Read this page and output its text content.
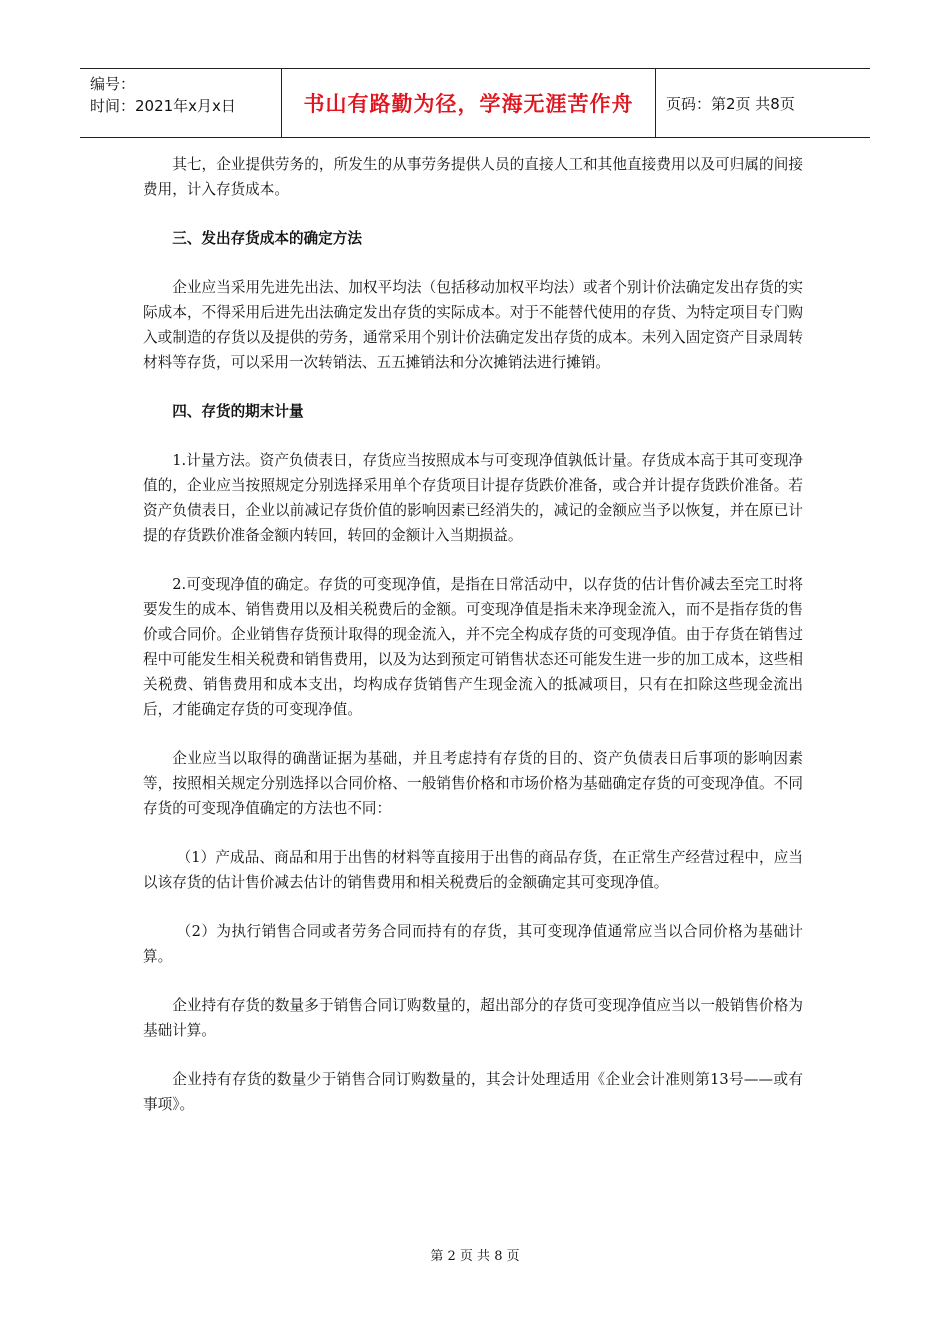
编号：
时间：2021年x月x日	书山有路勤为径，学海无涯苦作舟 页码：第2页 共8页

其七，企业提供劳务的，所发生的从事劳务提供人员的直接人工和其他直接费用以及可归属的间接费用，计入存货成本。

三、发出存货成本的确定方法

企业应当采用先进先出法、加权平均法（包括移动加权平均法）或者个别计价法确定发出存货的实际成本，不得采用后进先出法确定发出存货的实际成本。对于不能替代使用的存货、为特定项目专门购入或制造的存货以及提供的劳务，通常采用个别计价法确定发出存货的成本。未列入固定资产目录周转材料等存货，可以采用一次转销法、五五摊销法和分次摊销法进行摊销。

四、存货的期末计量

1.计量方法。资产负债表日，存货应当按照成本与可变现净值孰低计量。存货成本高于其可变现净值的，企业应当按照规定分别选择采用单个存货项目计提存货跌价准备，或合并计提存货跌价准备。若资产负债表日，企业以前减记存货价值的影响因素已经消失的，减记的金额应当予以恢复，并在原已计提的存货跌价准备金额内转回，转回的金额计入当期损益。

2.可变现净值的确定。存货的可变现净值，是指在日常活动中，以存货的估计售价减去至完工时将要发生的成本、销售费用以及相关税费后的金额。可变现净值是指未来净现金流入，而不是指存货的售价或合同价。企业销售存货预计取得的现金流入，并不完全构成存货的可变现净值。由于存货在销售过程中可能发生相关税费和销售费用，以及为达到预定可销售状态还可能发生进一步的加工成本，这些相关税费、销售费用和成本支出，均构成存货销售产生现金流入的抵减项目，只有在扣除这些现金流出后，才能确定存货的可变现净值。

企业应当以取得的确凿证据为基础，并且考虑持有存货的目的、资产负债表日后事项的影响因素等，按照相关规定分别选择以合同价格、一般销售价格和市场价格为基础确定存货的可变现净值。不同存货的可变现净值确定的方法也不同：

（1）产成品、商品和用于出售的材料等直接用于出售的商品存货，在正常生产经营过程中，应当以该存货的估计售价减去估计的销售费用和相关税费后的金额确定其可变现净值。

（2）为执行销售合同或者劳务合同而持有的存货，其可变现净值通常应当以合同价格为基础计算。

企业持有存货的数量多于销售合同订购数量的，超出部分的存货可变现净值应当以一般销售价格为基础计算。

企业持有存货的数量少于销售合同订购数量的，其会计处理适用《企业会计准则第13号——或有事项》。

第 2 页 共 8 页
